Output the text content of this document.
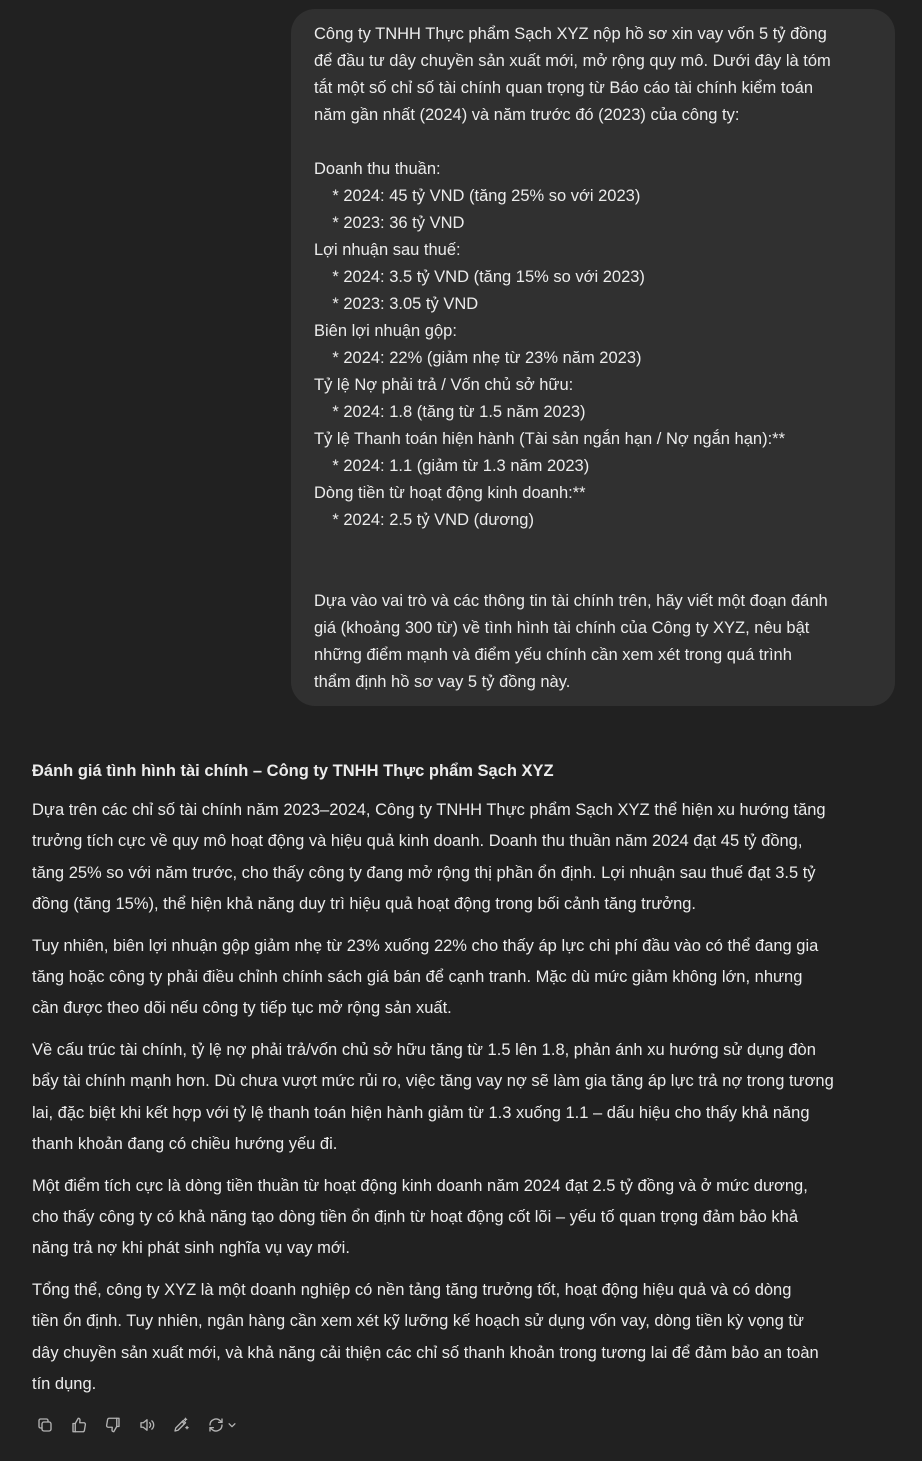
Công ty TNHH Thực phẩm Sạch XYZ nộp hồ sơ xin vay vốn 5 tỷ đồng
để đầu tư dây chuyền sản xuất mới, mở rộng quy mô. Dưới đây là tóm
tắt một số chỉ số tài chính quan trọng từ Báo cáo tài chính kiểm toán
năm gần nhất (2024) và năm trước đó (2023) của công ty:
Doanh thu thuần:
* 2024: 45 tỷ VND (tăng 25% so với 2023)
* 2023: 36 tỷ VND
Lợi nhuận sau thuế:
* 2024: 3.5 tỷ VND (tăng 15% so với 2023)
* 2023: 3.05 tỷ VND
Biên lợi nhuận gộp:
* 2024: 22% (giảm nhẹ từ 23% năm 2023)
Tỷ lệ Nợ phải trả / Vốn chủ sở hữu:
* 2024: 1.8 (tăng từ 1.5 năm 2023)
Tỷ lệ Thanh toán hiện hành (Tài sản ngắn hạn / Nợ ngắn hạn):**
* 2024: 1.1 (giảm từ 1.3 năm 2023)
Dòng tiền từ hoạt động kinh doanh:**
* 2024: 2.5 tỷ VND (dương)
Dựa vào vai trò và các thông tin tài chính trên, hãy viết một đoạn đánh
giá (khoảng 300 từ) về tình hình tài chính của Công ty XYZ, nêu bật
những điểm mạnh và điểm yếu chính cần xem xét trong quá trình
thẩm định hồ sơ vay 5 tỷ đồng này.
Đánh giá tình hình tài chính – Công ty TNHH Thực phẩm Sạch XYZ

Dựa trên các chỉ số tài chính năm 2023–2024, Công ty TNHH Thực phẩm Sạch XYZ thể hiện xu hướng tăng
trưởng tích cực về quy mô hoạt động và hiệu quả kinh doanh. Doanh thu thuần năm 2024 đạt 45 tỷ đồng,
tăng 25% so với năm trước, cho thấy công ty đang mở rộng thị phần ổn định. Lợi nhuận sau thuế đạt 3.5 tỷ
đồng (tăng 15%), thể hiện khả năng duy trì hiệu quả hoạt động trong bối cảnh tăng trưởng.

Tuy nhiên, biên lợi nhuận gộp giảm nhẹ từ 23% xuống 22% cho thấy áp lực chi phí đầu vào có thể đang gia
tăng hoặc công ty phải điều chỉnh chính sách giá bán để cạnh tranh. Mặc dù mức giảm không lớn, nhưng
cần được theo dõi nếu công ty tiếp tục mở rộng sản xuất.

Về cấu trúc tài chính, tỷ lệ nợ phải trả/vốn chủ sở hữu tăng từ 1.5 lên 1.8, phản ánh xu hướng sử dụng đòn
bẩy tài chính mạnh hơn. Dù chưa vượt mức rủi ro, việc tăng vay nợ sẽ làm gia tăng áp lực trả nợ trong tương
lai, đặc biệt khi kết hợp với tỷ lệ thanh toán hiện hành giảm từ 1.3 xuống 1.1 – dấu hiệu cho thấy khả năng
thanh khoản đang có chiều hướng yếu đi.

Một điểm tích cực là dòng tiền thuần từ hoạt động kinh doanh năm 2024 đạt 2.5 tỷ đồng và ở mức dương,
cho thấy công ty có khả năng tạo dòng tiền ổn định từ hoạt động cốt lõi – yếu tố quan trọng đảm bảo khả
năng trả nợ khi phát sinh nghĩa vụ vay mới.

Tổng thể, công ty XYZ là một doanh nghiệp có nền tảng tăng trưởng tốt, hoạt động hiệu quả và có dòng
tiền ổn định. Tuy nhiên, ngân hàng cần xem xét kỹ lưỡng kế hoạch sử dụng vốn vay, dòng tiền kỳ vọng từ
dây chuyền sản xuất mới, và khả năng cải thiện các chỉ số thanh khoản trong tương lai để đảm bảo an toàn
tín dụng.
